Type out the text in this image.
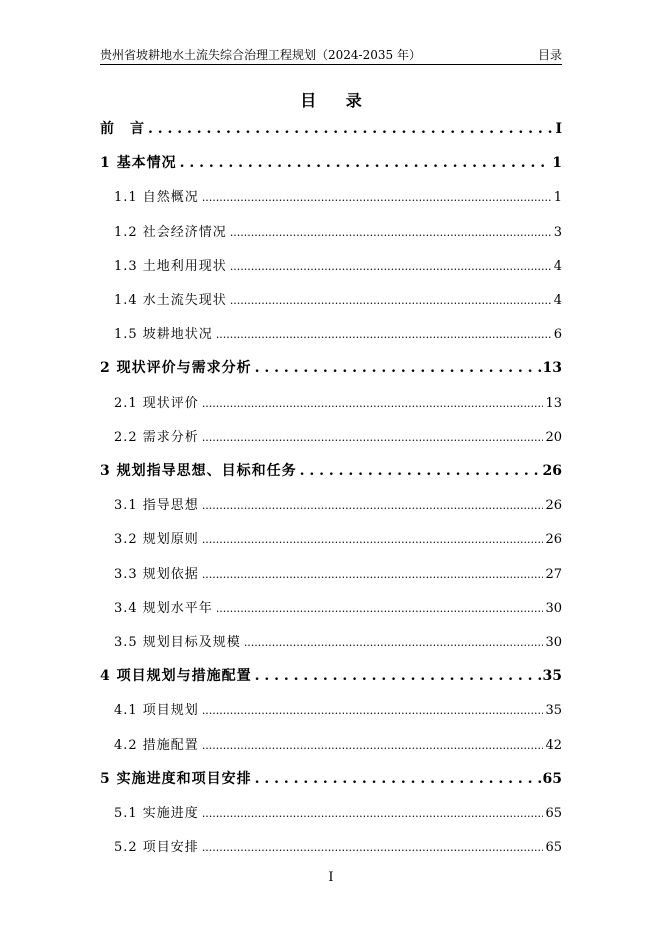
贵州省坡耕地水土流失综合治理工程规划（2024-2035 年）	目录
目 录
前　言 . . .	I
1 基本情况 . . .	1
1.1 自然概况 .....	1
1.2 社会经济情况 .....	3
1.3 土地利用现状 .....	4
1.4 水土流失现状 .....	4
1.5 坡耕地状况 .....	6
2 现状评价与需求分析 . . .	13
2.1 现状评价 .....	13
2.2 需求分析 .....	20
3 规划指导思想、目标和任务 . . .	26
3.1 指导思想 .....	26
3.2 规划原则 .....	26
3.3 规划依据 .....	27
3.4 规划水平年 .....	30
3.5 规划目标及规模 .....	30
4 项目规划与措施配置 . . .	35
4.1 项目规划 .....	35
4.2 措施配置 .....	42
5 实施进度和项目安排 . . .	65
5.1 实施进度 .....	65
5.2 项目安排 .....	65
I
